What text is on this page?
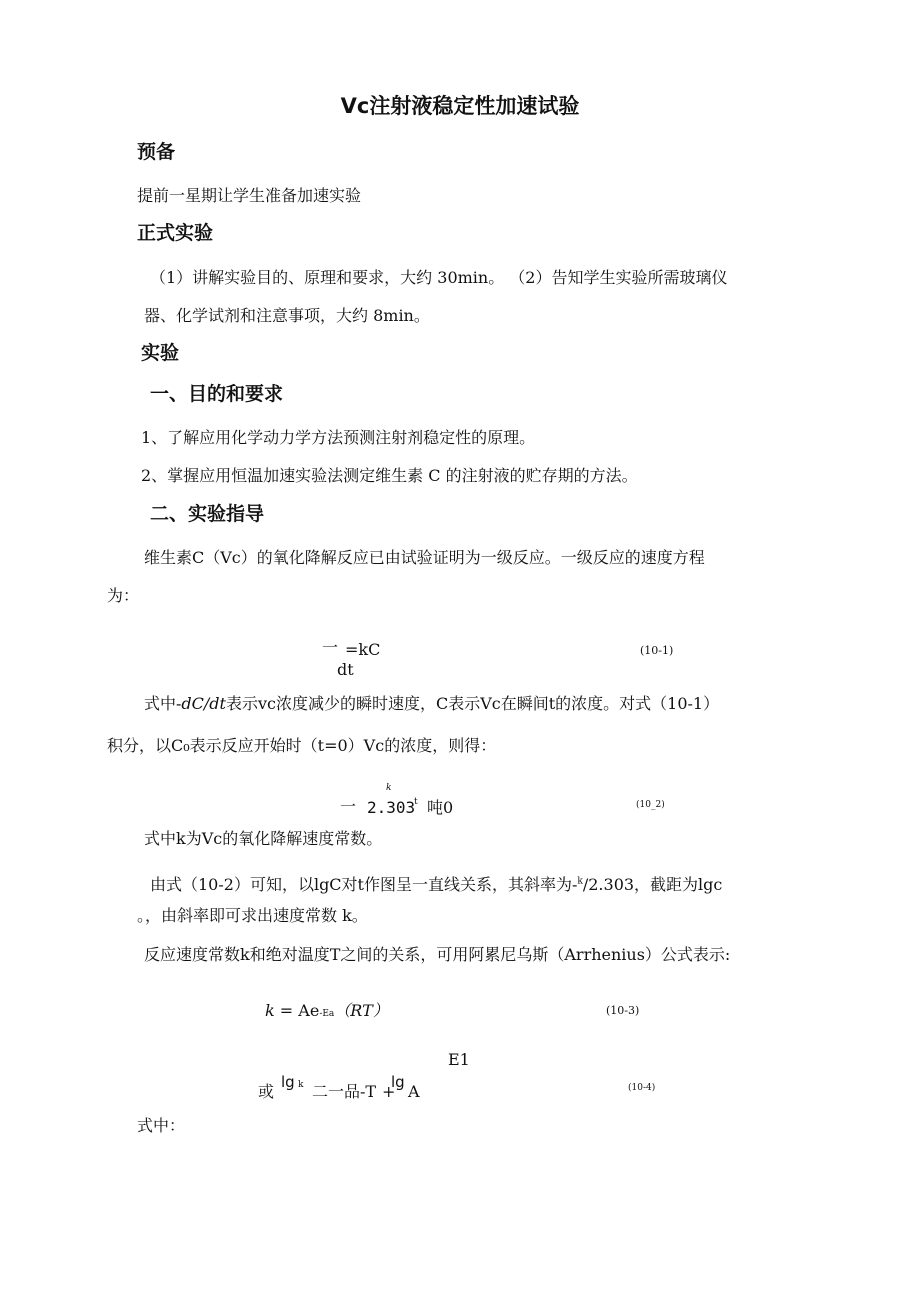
Vc注射液稳定性加速试验
预备
提前一星期让学生准备加速实验
正式实验
（1）讲解实验目的、原理和要求，大约 30min。 （2）告知学生实验所需玻璃仪
器、化学试剂和注意事项，大约 8min。
实验
一、目的和要求
1、了解应用化学动力学方法预测注射剂稳定性的原理。
2、掌握应用恒温加速实验法测定维生素 C 的注射液的贮存期的方法。
二、实验指导
维生素C（Vc）的氧化降解反应已由试验证明为一级反应。一级反应的速度方程
为：
一 =kC
dt
(10-1)
式中-dC/dt表示vc浓度减少的瞬时速度，C表示Vc在瞬间t的浓度。对式（10-1）
积分，以C₀表示反应开始时（t=0）Vc的浓度，则得：
k
一 2.303
t 吨0	(10_2)
式中k为Vc的氧化降解速度常数。
由式（10-2）可知，以lgC对t作图呈一直线关系，其斜率为-$^k$/2.303，截距为lgc
。，由斜率即可求出速度常数 k。
反应速度常数k和绝对温度T之间的关系，可用阿累尼乌斯（Arrhenius）公式表示:
k = Ae-Ea（RT）	(10-3)
E1
或 lg k 二一品-T +
lg A	(10-4)
式中：
